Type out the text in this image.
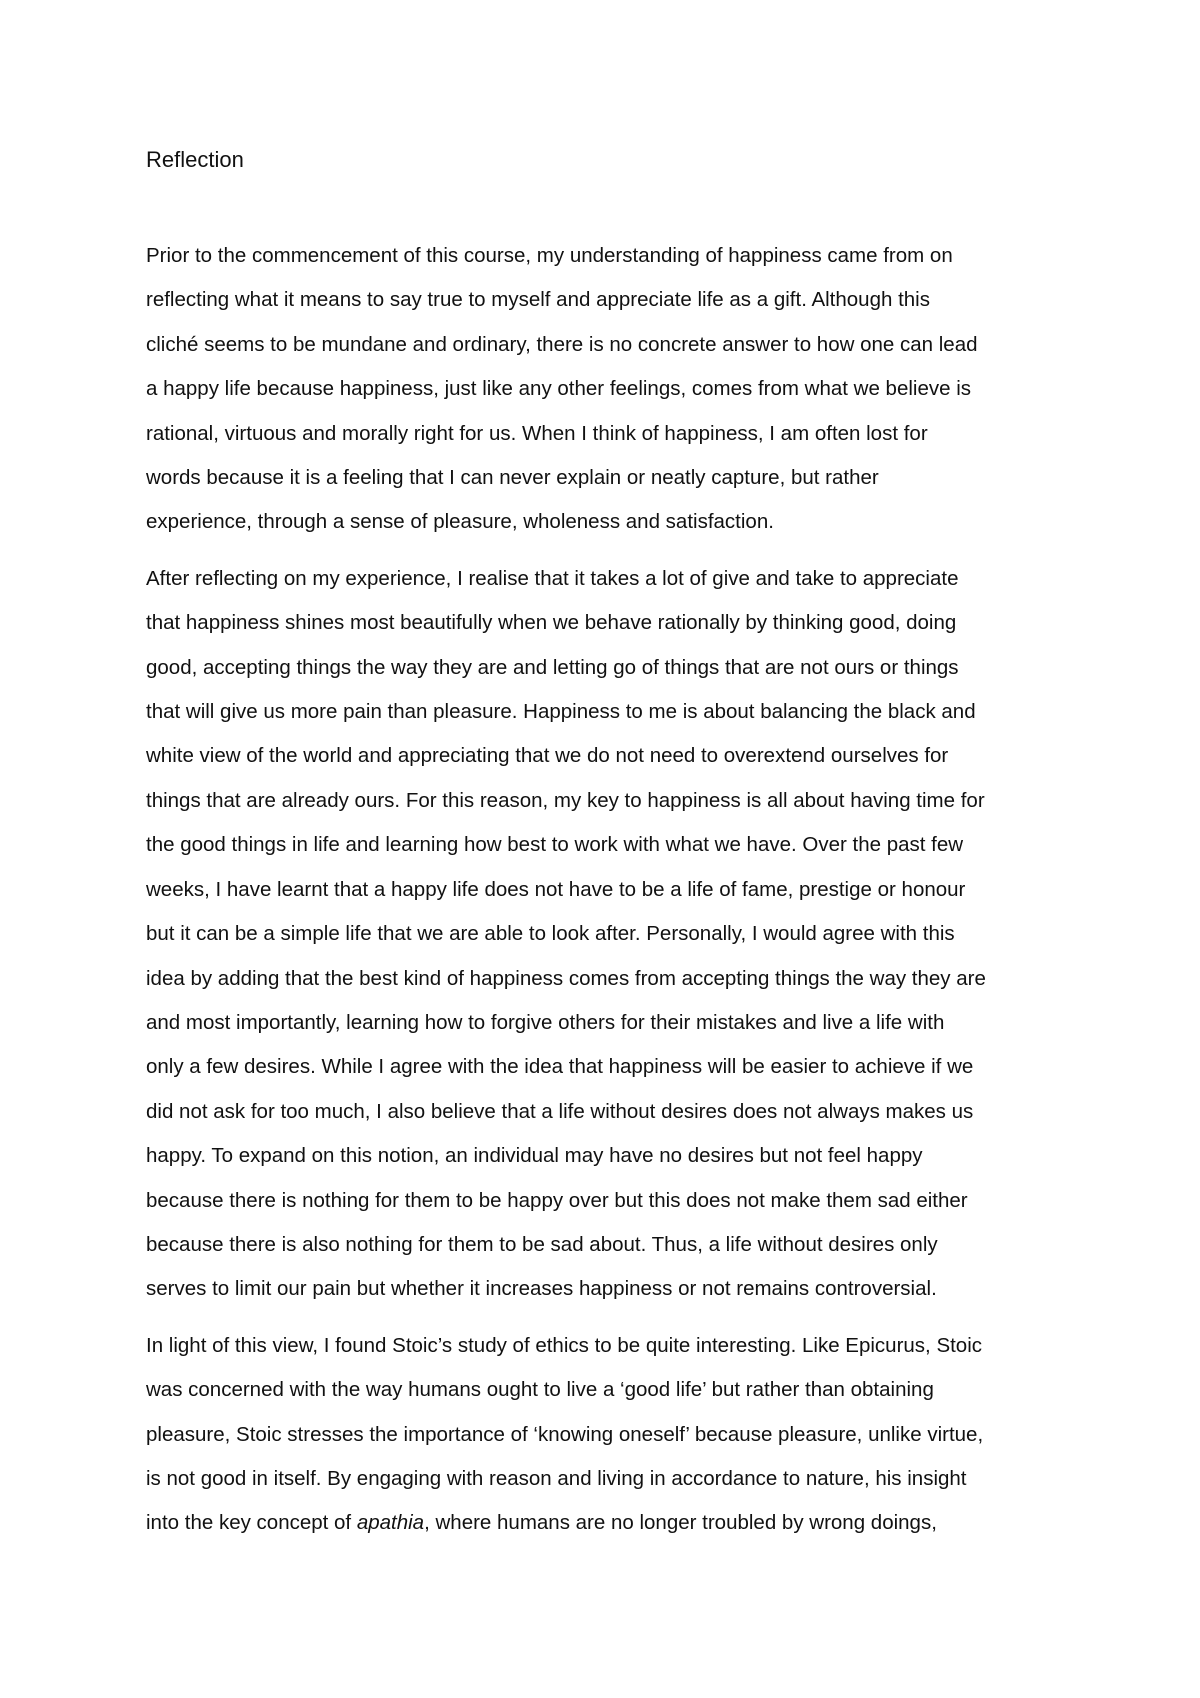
Reflection

Prior to the commencement of this course, my understanding of happiness came from on
reflecting what it means to say true to myself and appreciate life as a gift. Although this
cliché seems to be mundane and ordinary, there is no concrete answer to how one can lead
a happy life because happiness, just like any other feelings, comes from what we believe is
rational, virtuous and morally right for us. When I think of happiness, I am often lost for
words because it is a feeling that I can never explain or neatly capture, but rather
experience, through a sense of pleasure, wholeness and satisfaction.

After reflecting on my experience, I realise that it takes a lot of give and take to appreciate
that happiness shines most beautifully when we behave rationally by thinking good, doing
good, accepting things the way they are and letting go of things that are not ours or things
that will give us more pain than pleasure. Happiness to me is about balancing the black and
white view of the world and appreciating that we do not need to overextend ourselves for
things that are already ours. For this reason, my key to happiness is all about having time for
the good things in life and learning how best to work with what we have. Over the past few
weeks, I have learnt that a happy life does not have to be a life of fame, prestige or honour
but it can be a simple life that we are able to look after. Personally, I would agree with this
idea by adding that the best kind of happiness comes from accepting things the way they are
and most importantly, learning how to forgive others for their mistakes and live a life with
only a few desires. While I agree with the idea that happiness will be easier to achieve if we
did not ask for too much, I also believe that a life without desires does not always makes us
happy. To expand on this notion, an individual may have no desires but not feel happy
because there is nothing for them to be happy over but this does not make them sad either
because there is also nothing for them to be sad about. Thus, a life without desires only
serves to limit our pain but whether it increases happiness or not remains controversial.

In light of this view, I found Stoic’s study of ethics to be quite interesting. Like Epicurus, Stoic
was concerned with the way humans ought to live a ‘good life’ but rather than obtaining
pleasure, Stoic stresses the importance of ‘knowing oneself’ because pleasure, unlike virtue,
is not good in itself. By engaging with reason and living in accordance to nature, his insight
into the key concept of apathia, where humans are no longer troubled by wrong doings,
